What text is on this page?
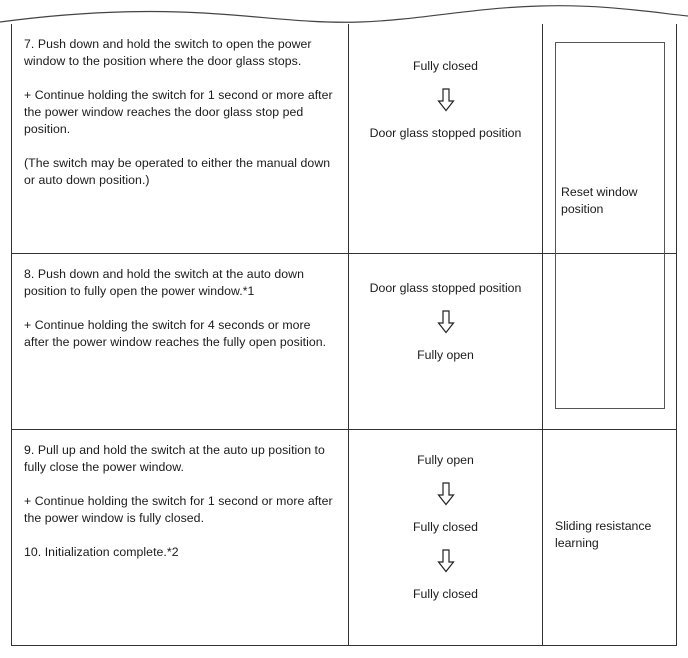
7. Push down and hold the switch to open the power window to the position where the door glass stops.

+ Continue holding the switch for 1 second or more after the power window reaches the door glass stop ped position.

(The switch may be operated to either the manual down or auto down position.)

Fully closed

Door glass stopped position

Reset window position

8. Push down and hold the switch at the auto down position to fully open the power window.*1

+ Continue holding the switch for 4 seconds or more after the power window reaches the fully open position.

Door glass stopped position

Fully open

9. Pull up and hold the switch at the auto up position to fully close the power window.

+ Continue holding the switch for 1 second or more after the power window is fully closed.

10. Initialization complete.*2

Fully open

Fully closed

Fully closed

Sliding resistance learning
